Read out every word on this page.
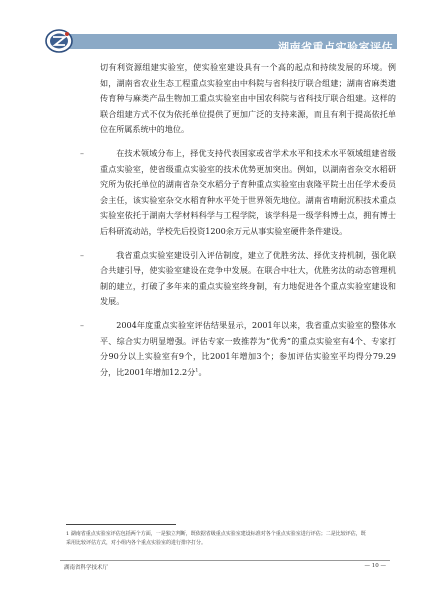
湖南省重点实验室评估

切有利资源组建实验室，使实验室建设具有一个高的起点和持续发展的环境。例如，湖南省农业生态工程重点实验室由中科院与省科技厅联合组建；湖南省麻类遗传育种与麻类产品生物加工重点实验室由中国农科院与省科技厅联合组建。这样的联合组建方式不仅为依托单位提供了更加广泛的支持来源，而且有利于提高依托单位在所属系统中的地位。

–	在技术领域分布上，择优支持代表国家或省学术水平和技术水平领域组建省级重点实验室，使省级重点实验室的技术优势更加突出。例如，以湖南省杂交水稻研究所为依托单位的湖南省杂交水稻分子育种重点实验室由袁隆平院士出任学术委员会主任，该实验室杂交水稻育种水平处于世界领先地位。湖南省啃耐沉积技术重点实验室依托于湖南大学材料科学与工程学院，该学科是一级学科博士点，拥有博士后科研流动站，学校先后投资1200余万元从事实验室硬件条件建设。

–	我省重点实验室建设引入评估制度，建立了优胜劣汰、择优支持机制，强化联合共建引导，使实验室建设在竞争中发展。在联合中壮大，优胜劣汰的动态管理机制的建立，打破了多年来的重点实验室终身制，有力地促进各个重点实验室建设和发展。

–	2004年度重点实验室评估结果显示，2001年以来，我省重点实验室的整体水平、综合实力明显增强。评估专家一致推荐为“优秀”的重点实验室有4个、专家打分90分以上实验室有9个，比2001年增加3个；参加评估实验室平均得分79.29分，比2001年增加12.2分$^1$。

1 湖南省重点实验室评估包括两个方面，一是独立判断，既依据省级重点实验室建设标准对各个重点实验室进行评估；二是比较评估，既采用比较评估方式，对小组内各个重点实验室的进行排序打分。
湖南省科学技术厅	— 10 —
